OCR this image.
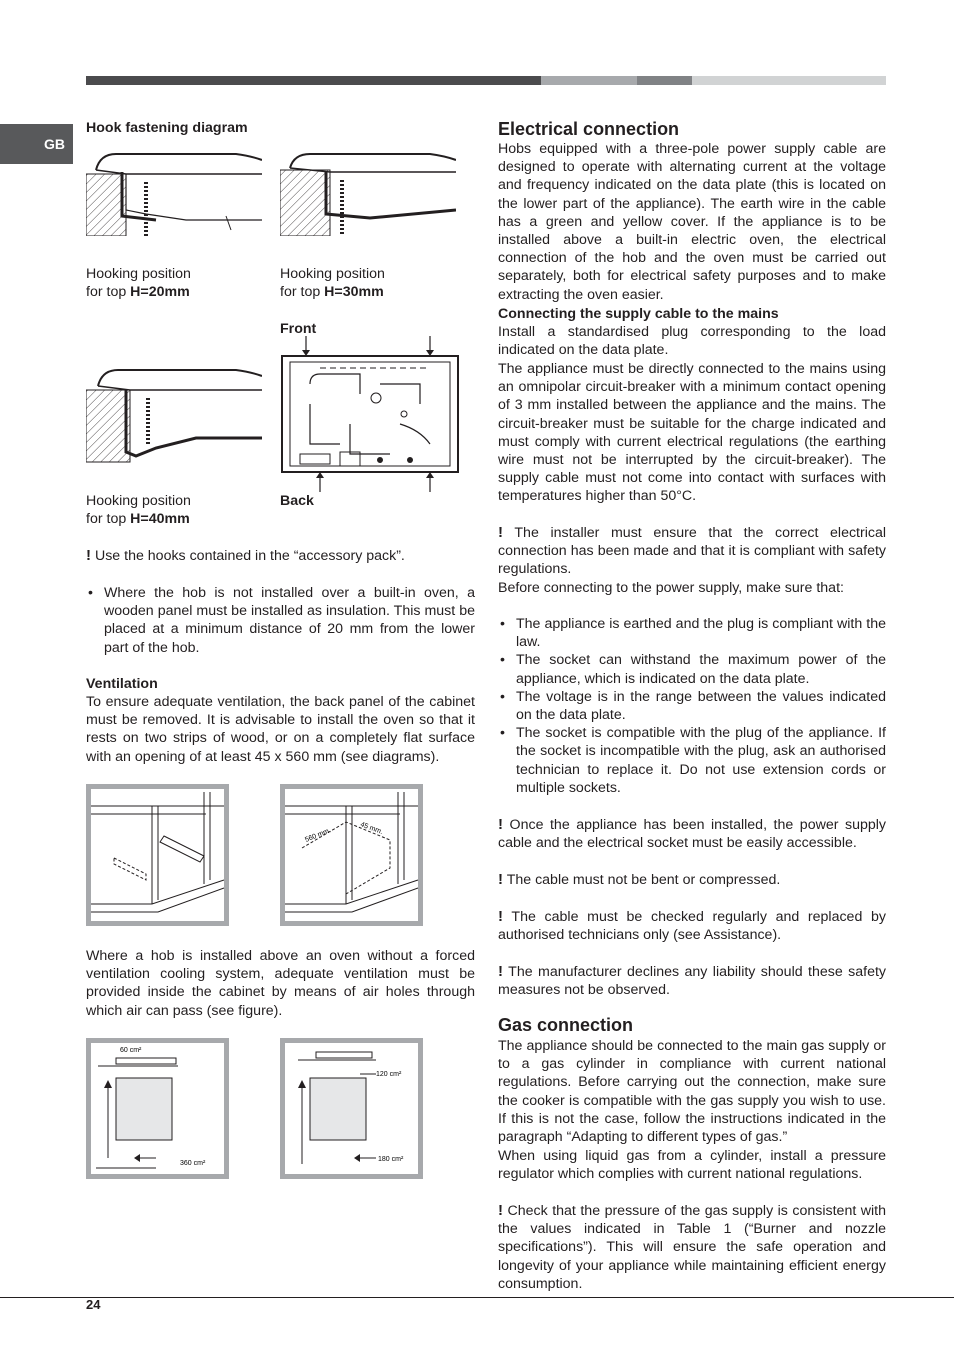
GB

Hook fastening diagram

Hooking position
for top H=20mm

Hooking position
for top H=30mm

Front

Hooking position
for top H=40mm

Back

! Use the hooks contained in the “accessory pack”.

• Where the hob is not installed over a built-in oven, a wooden panel must be installed as insulation. This must be placed at a minimum distance of 20 mm from the lower part of the hob.

Ventilation

To ensure adequate ventilation, the back panel of the cabinet must be removed. It is advisable to install the oven so that it rests on two strips of wood, or on a completely flat surface with an opening of at least 45 x 560 mm (see diagrams).

560 mm.	45 mm.

Where a hob is installed above an oven without a forced ventilation cooling system, adequate ventilation must be provided inside the cabinet by means of air holes through which air can pass (see figure).

60 cm²
360 cm²
120 cm²
180 cm²

Electrical connection

Hobs equipped with a three-pole power supply cable are designed to operate with alternating current at the voltage and frequency indicated on the data plate (this is located on the lower part of the appliance). The earth wire in the cable has a green and yellow cover. If the appliance is to be installed above a built-in electric oven, the electrical connection of the hob and the oven must be carried out separately, both for electrical safety purposes and to make extracting the oven easier.

Connecting the supply cable to the mains

Install a standardised plug corresponding to the load indicated on the data plate.

The appliance must be directly connected to the mains using an omnipolar circuit-breaker with a minimum contact opening of 3 mm installed between the appliance and the mains. The circuit-breaker must be suitable for the charge indicated and must comply with current electrical regulations (the earthing wire must not be interrupted by the circuit-breaker). The supply cable must not come into contact with surfaces with temperatures higher than 50°C.

! The installer must ensure that the correct electrical connection has been made and that it is compliant with safety regulations.

Before connecting to the power supply, make sure that:

• The appliance is earthed and the plug is compliant with the law.
• The socket can withstand the maximum power of the appliance, which is indicated on the data plate.
• The voltage is in the range between the values indicated on the data plate.
• The socket is compatible with the plug of the appliance. If the socket is incompatible with the plug, ask an authorised technician to replace it. Do not use extension cords or multiple sockets.

! Once the appliance has been installed, the power supply cable and the electrical socket must be easily accessible.

! The cable must not be bent or compressed.

! The cable must be checked regularly and replaced by authorised technicians only (see Assistance).

! The manufacturer declines any liability should these safety measures not be observed.

Gas connection

The appliance should be connected to the main gas supply or to a gas cylinder in compliance with current national regulations. Before carrying out the connection, make sure the cooker is compatible with the gas supply you wish to use. If this is not the case, follow the instructions indicated in the paragraph “Adapting to different types of gas.”

When using liquid gas from a cylinder, install a pressure regulator which complies with current national regulations.

! Check that the pressure of the gas supply is consistent with the values indicated in Table 1 (“Burner and nozzle specifications”). This will ensure the safe operation and longevity of your appliance while maintaining efficient energy consumption.

24
